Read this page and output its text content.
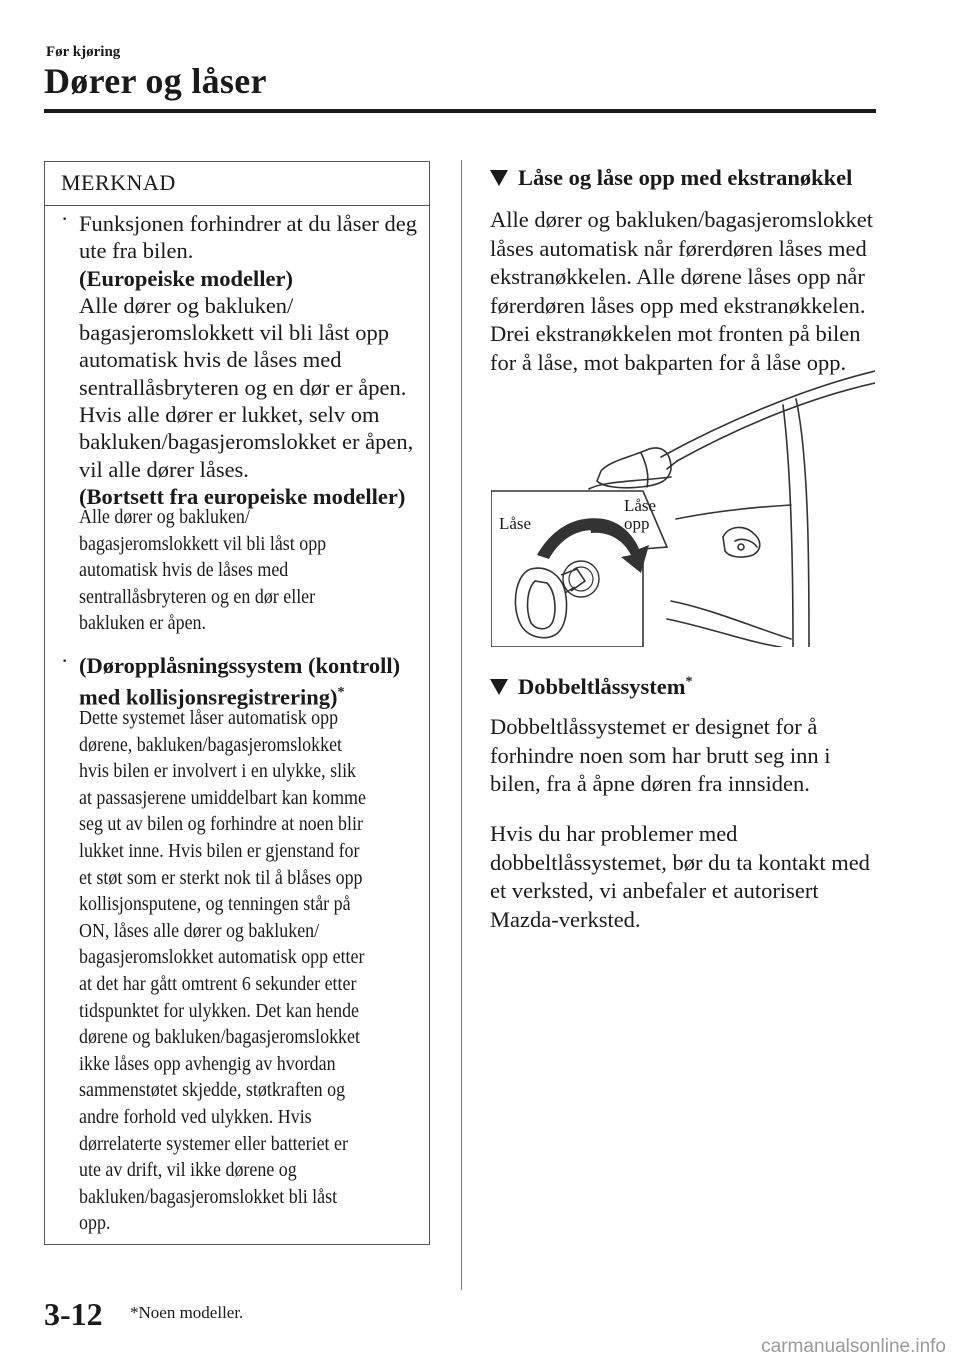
Før kjøring
Dører og låser
MERKNAD
· Funksjonen forhindrer at du låser deg
ute fra bilen.
(Europeiske modeller)
Alle dører og bakluken/
bagasjeromslokkett vil bli låst opp
automatisk hvis de låses med
sentrallåsbryteren og en dør er åpen.
Hvis alle dører er lukket, selv om
bakluken/bagasjeromslokket er åpen,
vil alle dører låses.
(Bortsett fra europeiske modeller)

Alle dører og bakluken/
bagasjeromslokkett vil bli låst opp
automatisk hvis de låses med
sentrallåsbryteren og en dør eller
bakluken er åpen.

· (Døropplåsningssystem (kontroll)
med kollisjonsregistrering)*

Dette systemet låser automatisk opp
dørene, bakluken/bagasjeromslokket
hvis bilen er involvert i en ulykke, slik
at passasjerene umiddelbart kan komme
seg ut av bilen og forhindre at noen blir
lukket inne. Hvis bilen er gjenstand for
et støt som er sterkt nok til å blåses opp
kollisjonsputene, og tenningen står på
ON, låses alle dører og bakluken/
bagasjeromslokket automatisk opp etter
at det har gått omtrent 6 sekunder etter
tidspunktet for ulykken. Det kan hende
dørene og bakluken/bagasjeromslokket
ikke låses opp avhengig av hvordan
sammenstøtet skjedde, støtkraften og
andre forhold ved ulykken. Hvis
dørrelaterte systemer eller batteriet er
ute av drift, vil ikke dørene og
bakluken/bagasjeromslokket bli låst
opp.

Låse og låse opp med ekstranøkkel

Alle dører og bakluken/bagasjeromslokket
låses automatisk når førerdøren låses med
ekstranøkkelen. Alle dørene låses opp når
førerdøren låses opp med ekstranøkkelen.
Drei ekstranøkkelen mot fronten på bilen
for å låse, mot bakparten for å låse opp.

Låse
Låse
opp
Dobbeltlåssystem*

Dobbeltlåssystemet er designet for å
forhindre noen som har brutt seg inn i
bilen, fra å åpne døren fra innsiden.

Hvis du har problemer med
dobbeltlåssystemet, bør du ta kontakt med
et verksted, vi anbefaler et autorisert
Mazda-verksted.

3-12 *Noen modeller.
carmanualsonline.info
